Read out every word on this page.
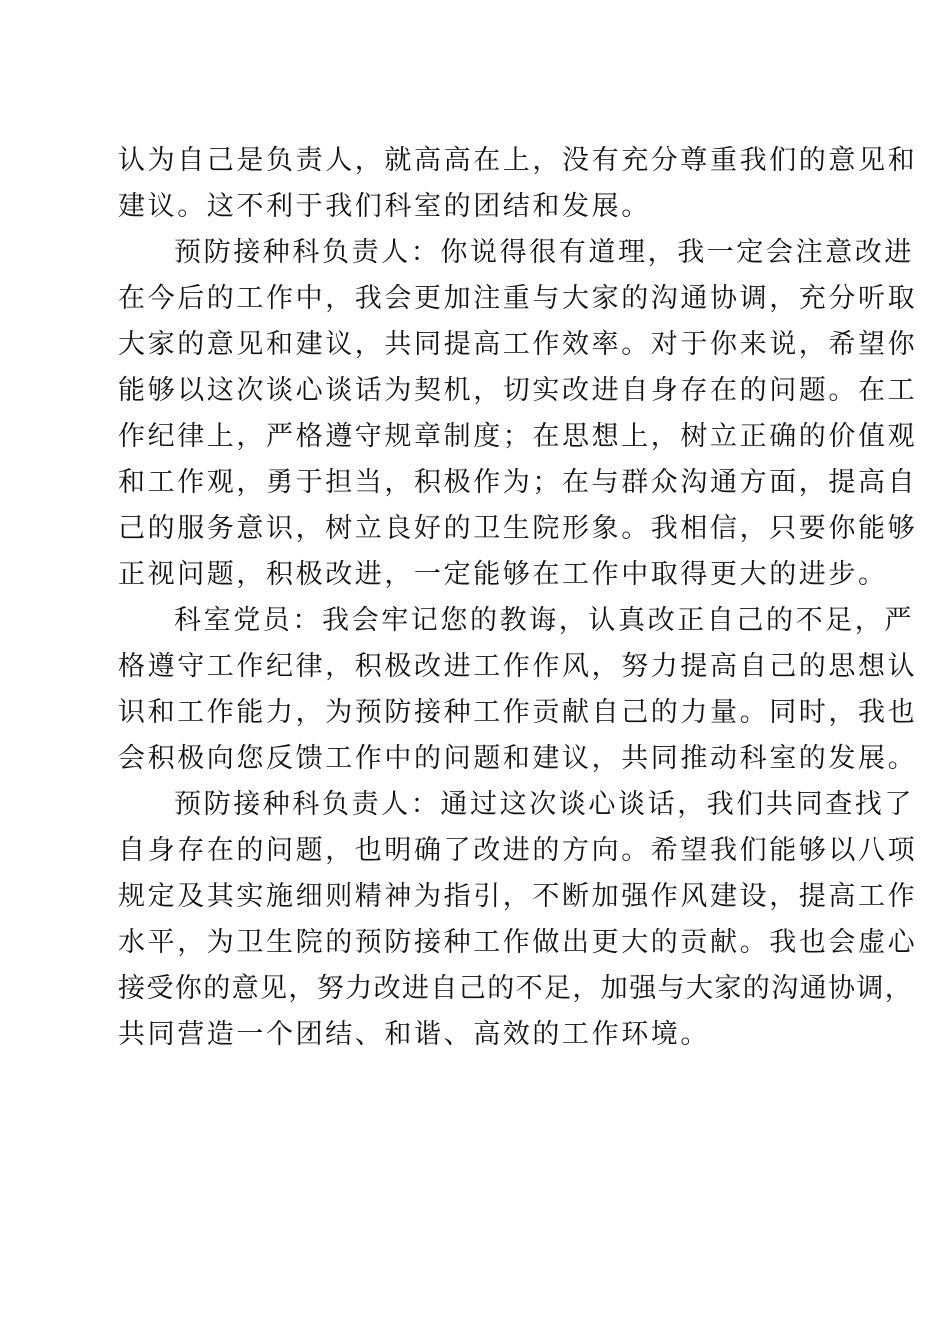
认为自己是负责人，就高高在上，没有充分尊重我们的意见和
建议。这不利于我们科室的团结和发展。
预防接种科负责人：你说得很有道理，我一定会注意改进
在今后的工作中，我会更加注重与大家的沟通协调，充分听取
大家的意见和建议，共同提高工作效率。对于你来说，希望你
能够以这次谈心谈话为契机，切实改进自身存在的问题。在工
作纪律上，严格遵守规章制度；在思想上，树立正确的价值观
和工作观，勇于担当，积极作为；在与群众沟通方面，提高自
己的服务意识，树立良好的卫生院形象。我相信，只要你能够
正视问题，积极改进，一定能够在工作中取得更大的进步。
科室党员：我会牢记您的教诲，认真改正自己的不足，严
格遵守工作纪律，积极改进工作作风，努力提高自己的思想认
识和工作能力，为预防接种工作贡献自己的力量。同时，我也
会积极向您反馈工作中的问题和建议，共同推动科室的发展。
预防接种科负责人：通过这次谈心谈话，我们共同查找了
自身存在的问题，也明确了改进的方向。希望我们能够以八项
规定及其实施细则精神为指引，不断加强作风建设，提高工作
水平，为卫生院的预防接种工作做出更大的贡献。我也会虚心
接受你的意见，努力改进自己的不足，加强与大家的沟通协调，
共同营造一个团结、和谐、高效的工作环境。
